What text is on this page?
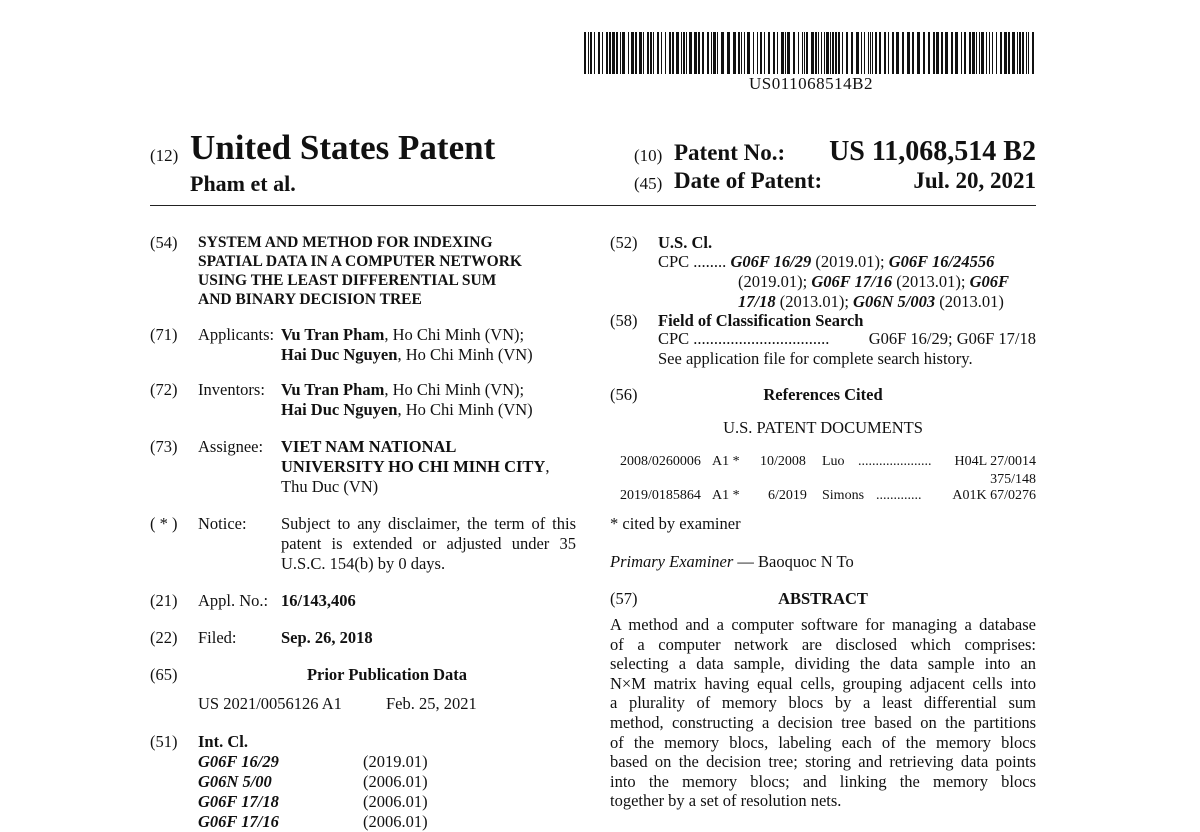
US011068514B2
(12) United States Patent
Pham et al.
(10) Patent No.:	US 11,068,514 B2
(45) Date of Patent:	Jul. 20, 2021
(54) SYSTEM AND METHOD FOR INDEXING
SPATIAL DATA IN A COMPUTER NETWORK
USING THE LEAST DIFFERENTIAL SUM
AND BINARY DECISION TREE
(71) Applicants: Vu Tran Pham, Ho Chi Minh (VN);
Hai Duc Nguyen, Ho Chi Minh (VN)
(72) Inventors: Vu Tran Pham, Ho Chi Minh (VN);
Hai Duc Nguyen, Ho Chi Minh (VN)
(73) Assignee: VIET NAM NATIONAL
UNIVERSITY HO CHI MINH CITY,
Thu Duc (VN)
( * ) Notice: Subject to any disclaimer, the term of this
patent is extended or adjusted under 35
U.S.C. 154(b) by 0 days.
(21) Appl. No.: 16/143,406
(22) Filed:	Sep. 26, 2018
(65)	Prior Publication Data
US 2021/0056126 A1	Feb. 25, 2021
(51) Int. Cl.
G06F 16/29	(2019.01)
G06N 5/00	(2006.01)
G06F 17/18	(2006.01)
G06F 17/16	(2006.01)
(52) U.S. Cl.
CPC ........ G06F 16/29 (2019.01); G06F 16/24556
(2019.01); G06F 17/16 (2013.01); G06F
17/18 (2013.01); G06N 5/003 (2013.01)
(58) Field of Classification Search
CPC ................................. G06F 16/29; G06F 17/18
See application file for complete search history.
(56)	References Cited
U.S. PATENT DOCUMENTS
2008/0260006 A1 * 10/2008 Luo ..................... H04L 27/0014
375/148
2019/0185864 A1 * 6/2019 Simons ............. A01K 67/0276
* cited by examiner
Primary Examiner — Baoquoc N To
(57)	ABSTRACT
A method and a computer software for managing a database
of a computer network are disclosed which comprises:
selecting a data sample, dividing the data sample into an
N×M matrix having equal cells, grouping adjacent cells into
a plurality of memory blocs by a least differential sum
method, constructing a decision tree based on the partitions
of the memory blocs, labeling each of the memory blocs
based on the decision tree; storing and retrieving data points
into the memory blocs; and linking the memory blocs
together by a set of resolution nets.
